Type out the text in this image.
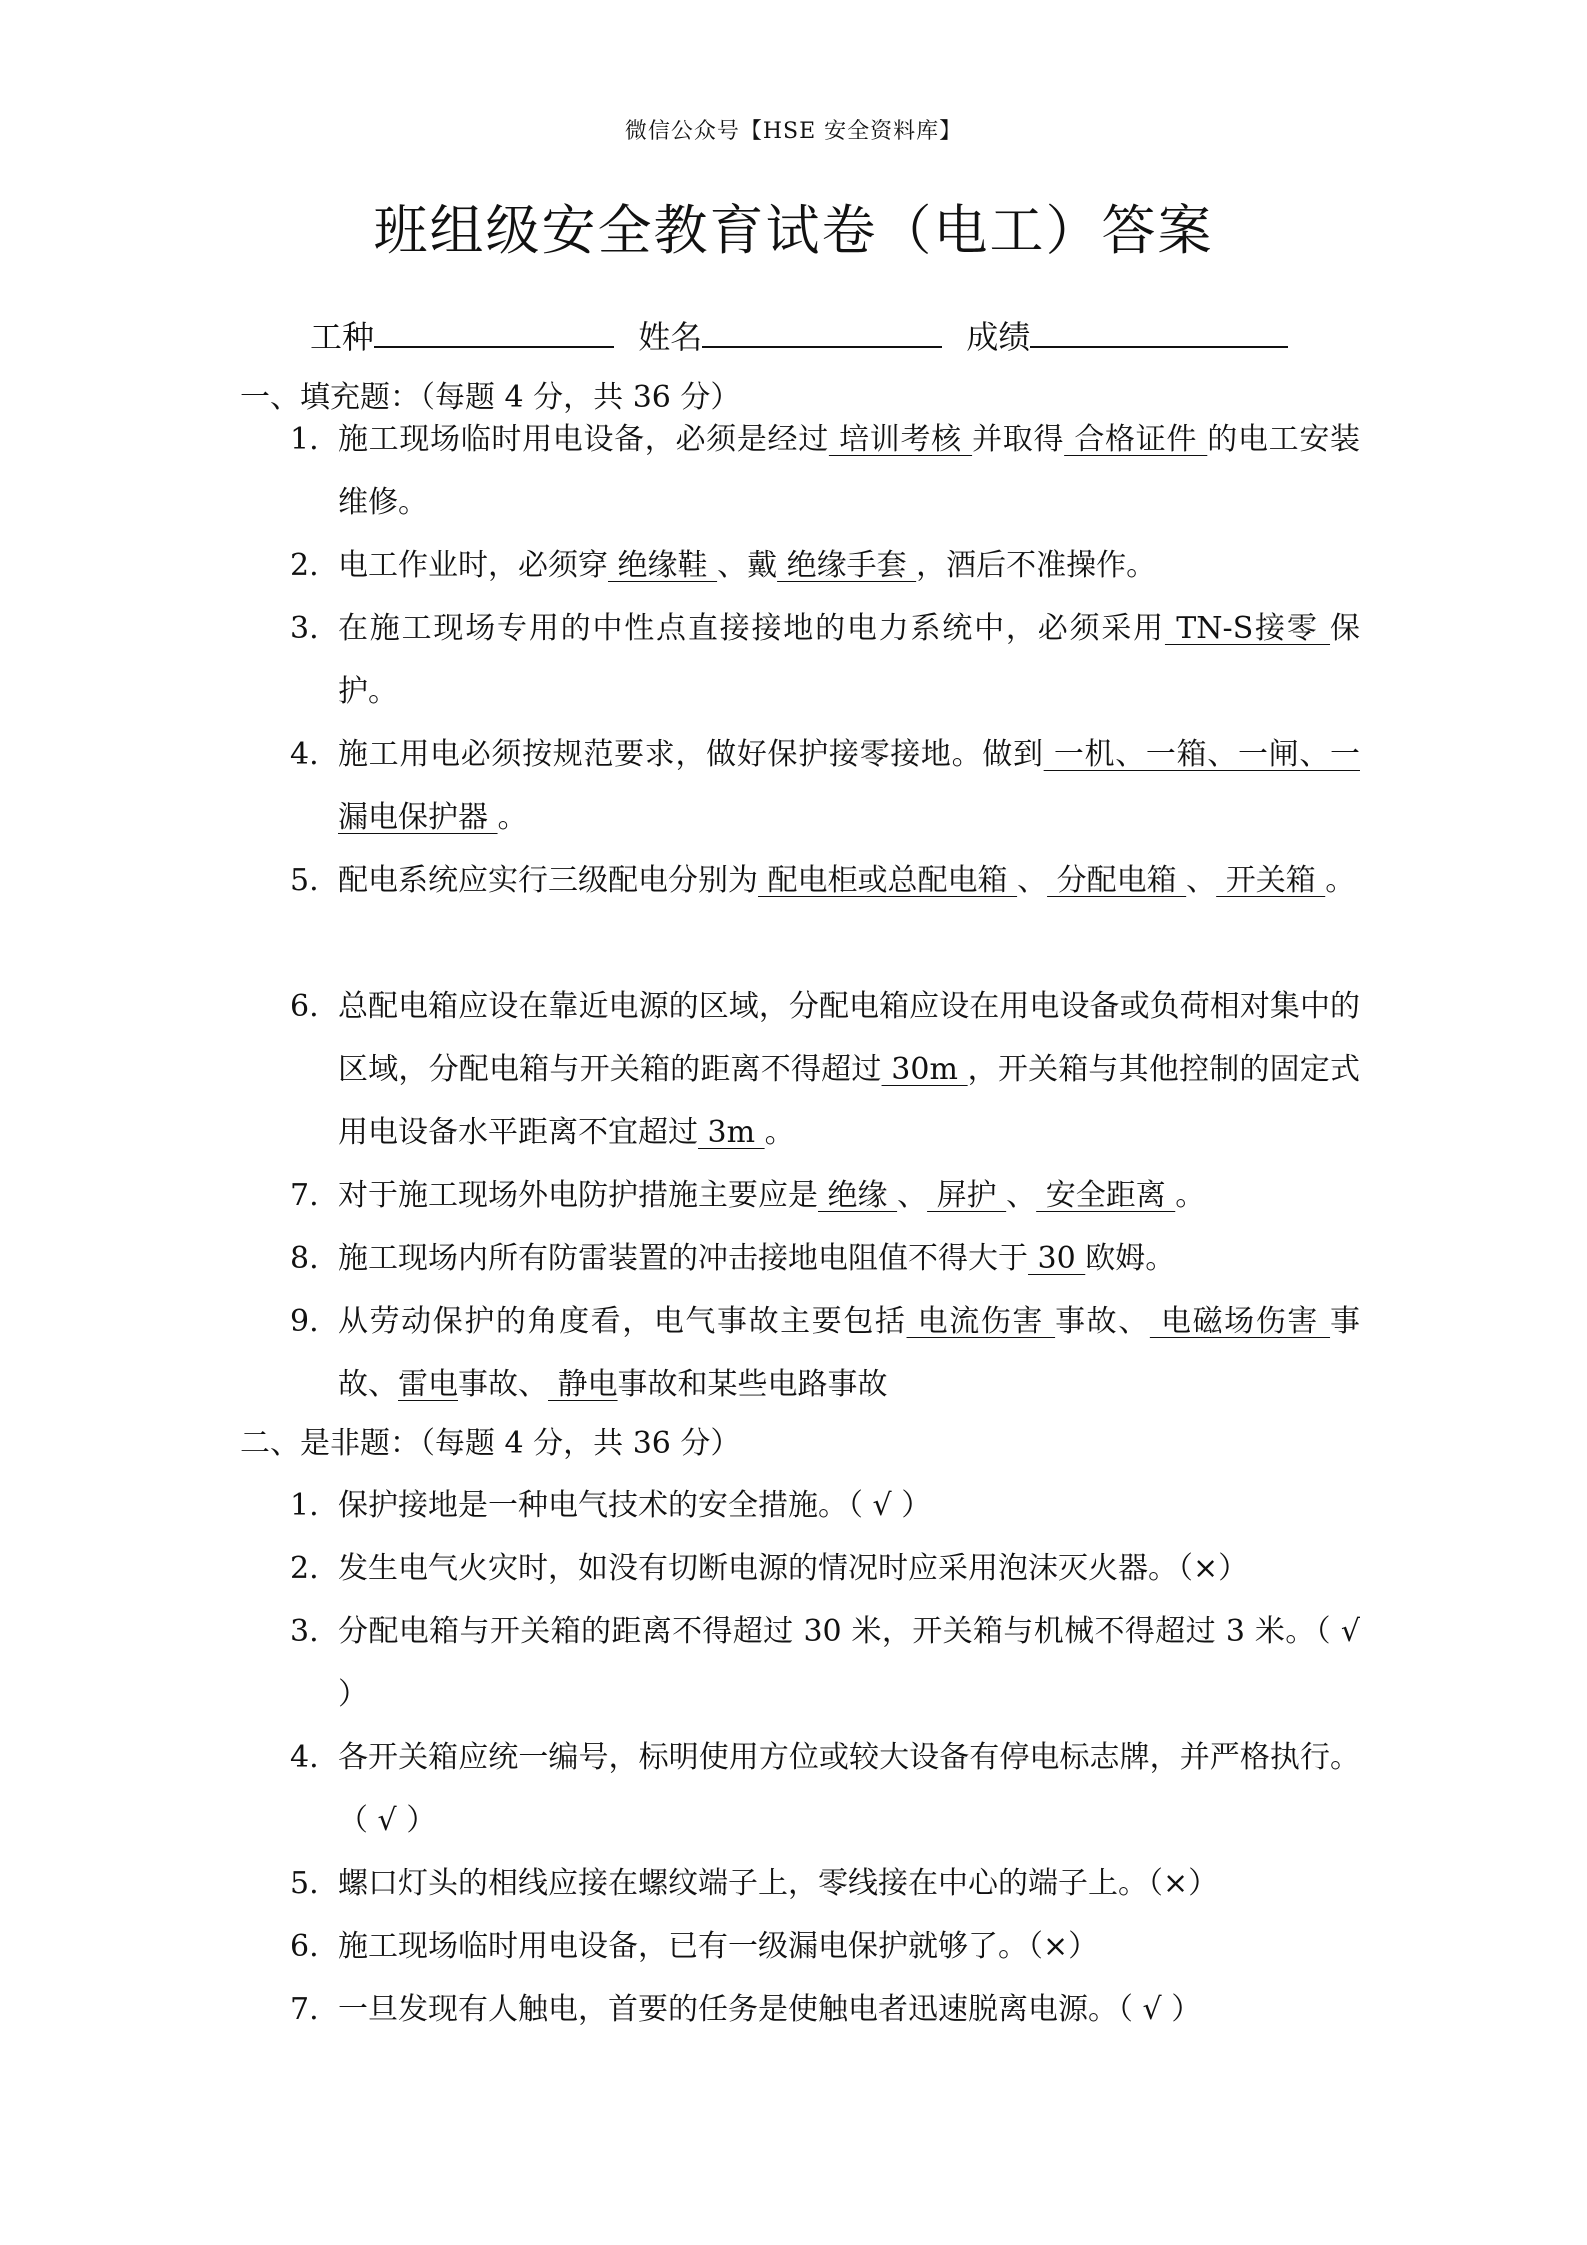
微信公众号【HSE 安全资料库】
班组级安全教育试卷（电工）答案
工种	姓名	成绩
一、填充题：（每题 4 分，共 36 分）
1. 施工现场临时用电设备，必须是经过 培训考核 并取得 合格证件 的电工安装维修。
2. 电工作业时，必须穿 绝缘鞋 、戴 绝缘手套 ，酒后不准操作。
3. 在施工现场专用的中性点直接接地的电力系统中，必须采用 TN-S接零 保护。
4. 施工用电必须按规范要求，做好保护接零接地。做到 一机、一箱、一闸、一漏电保护器 。
5. 配电系统应实行三级配电分别为 配电柜或总配电箱 、 分配电箱 、 开关箱 。
6. 总配电箱应设在靠近电源的区域，分配电箱应设在用电设备或负荷相对集中的区域，分配电箱与开关箱的距离不得超过 30m ，开关箱与其他控制的固定式用电设备水平距离不宜超过 3m 。
7. 对于施工现场外电防护措施主要应是 绝缘 、 屏护 、 安全距离 。
8. 施工现场内所有防雷装置的冲击接地电阻值不得大于 30 欧姆。
9. 从劳动保护的角度看，电气事故主要包括 电流伤害 事故、 电磁场伤害 事故、雷电事故、 静电事故和某些电路事故
二、是非题：（每题 4 分，共 36 分）
1. 保护接地是一种电气技术的安全措施。（ √ ）
2. 发生电气火灾时，如没有切断电源的情况时应采用泡沫灭火器。（×）
3. 分配电箱与开关箱的距离不得超过 30 米，开关箱与机械不得超过 3 米。（ √ ）
4. 各开关箱应统一编号，标明使用方位或较大设备有停电标志牌，并严格执行。（ √ ）
5. 螺口灯头的相线应接在螺纹端子上，零线接在中心的端子上。（×）
6. 施工现场临时用电设备，已有一级漏电保护就够了。（×）
7. 一旦发现有人触电，首要的任务是使触电者迅速脱离电源。（ √ ）
